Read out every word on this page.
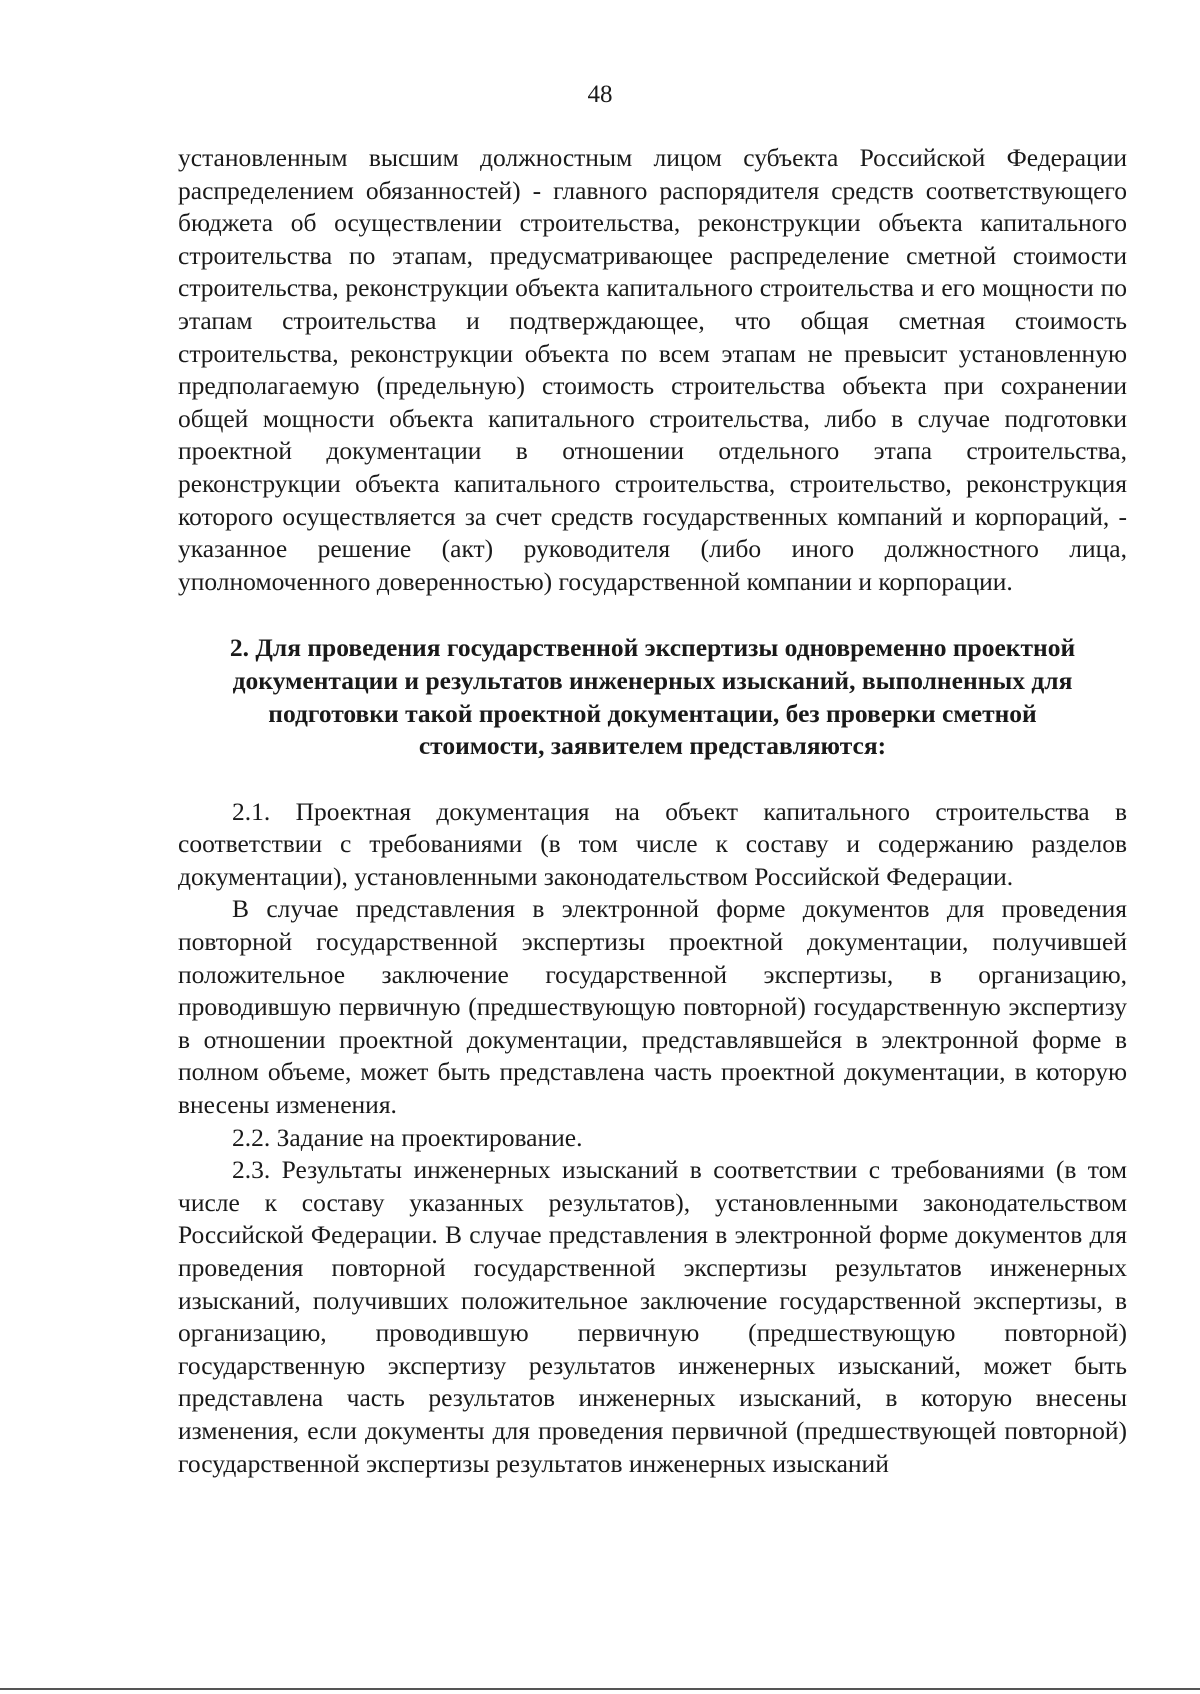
48

установленным высшим должностным лицом субъекта Российской Федерации распределением обязанностей) - главного распорядителя средств соответствующего бюджета об осуществлении строительства, реконструкции объекта капитального строительства по этапам, предусматривающее распределение сметной стоимости строительства, реконструкции объекта капитального строительства и его мощности по этапам строительства и подтверждающее, что общая сметная стоимость строительства, реконструкции объекта по всем этапам не превысит установленную предполагаемую (предельную) стоимость строительства объекта при сохранении общей мощности объекта капитального строительства, либо в случае подготовки проектной документации в отношении отдельного этапа строительства, реконструкции объекта капитального строительства, строительство, реконструкция которого осуществляется за счет средств государственных компаний и корпораций, - указанное решение (акт) руководителя (либо иного должностного лица, уполномоченного доверенностью) государственной компании и корпорации.

2. Для проведения государственной экспертизы одновременно проектной документации и результатов инженерных изысканий, выполненных для подготовки такой проектной документации, без проверки сметной стоимости, заявителем представляются:

2.1. Проектная документация на объект капитального строительства в соответствии с требованиями (в том числе к составу и содержанию разделов документации), установленными законодательством Российской Федерации.

В случае представления в электронной форме документов для проведения повторной государственной экспертизы проектной документации, получившей положительное заключение государственной экспертизы, в организацию, проводившую первичную (предшествующую повторной) государственную экспертизу в отношении проектной документации, представлявшейся в электронной форме в полном объеме, может быть представлена часть проектной документации, в которую внесены изменения.

2.2. Задание на проектирование.

2.3. Результаты инженерных изысканий в соответствии с требованиями (в том числе к составу указанных результатов), установленными законодательством Российской Федерации. В случае представления в электронной форме документов для проведения повторной государственной экспертизы результатов инженерных изысканий, получивших положительное заключение государственной экспертизы, в организацию, проводившую первичную (предшествующую повторной) государственную экспертизу результатов инженерных изысканий, может быть представлена часть результатов инженерных изысканий, в которую внесены изменения, если документы для проведения первичной (предшествующей повторной) государственной экспертизы результатов инженерных изысканий
